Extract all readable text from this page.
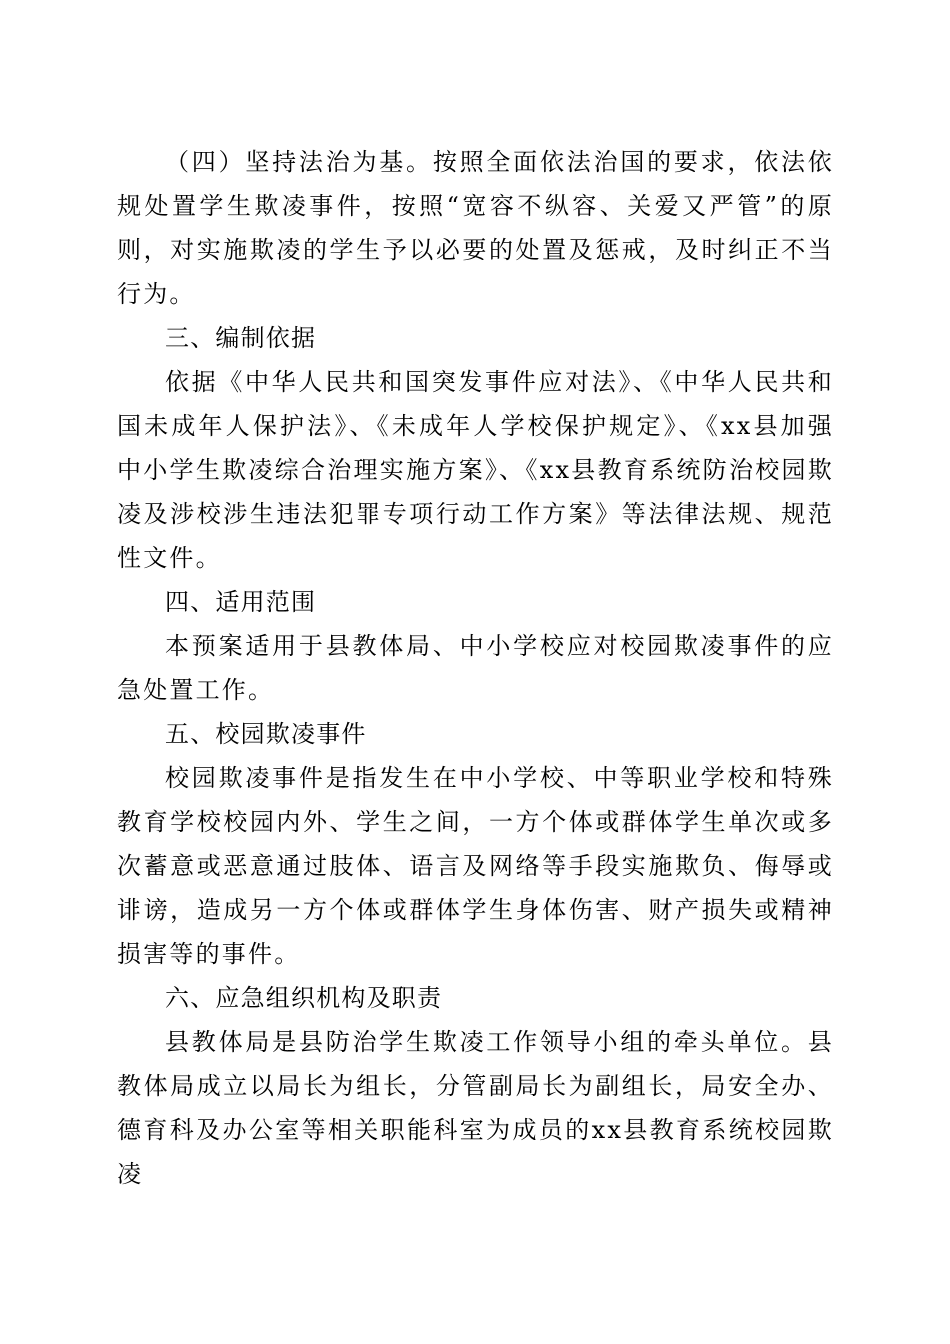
（四）坚持法治为基。按照全面依法治国的要求，依法依规处置学生欺凌事件，按照“宽容不纵容、关爱又严管”的原则，对实施欺凌的学生予以必要的处置及惩戒，及时纠正不当行为。

三、编制依据

依据《中华人民共和国突发事件应对法》、《中华人民共和国未成年人保护法》、《未成年人学校保护规定》、《xx县加强中小学生欺凌综合治理实施方案》、《xx县教育系统防治校园欺凌及涉校涉生违法犯罪专项行动工作方案》等法律法规、规范性文件。

四、适用范围

本预案适用于县教体局、中小学校应对校园欺凌事件的应急处置工作。

五、校园欺凌事件

校园欺凌事件是指发生在中小学校、中等职业学校和特殊教育学校校园内外、学生之间，一方个体或群体学生单次或多次蓄意或恶意通过肢体、语言及网络等手段实施欺负、侮辱或诽谤，造成另一方个体或群体学生身体伤害、财产损失或精神损害等的事件。

六、应急组织机构及职责

县教体局是县防治学生欺凌工作领导小组的牵头单位。县教体局成立以局长为组长，分管副局长为副组长，局安全办、德育科及办公室等相关职能科室为成员的xx县教育系统校园欺凌
